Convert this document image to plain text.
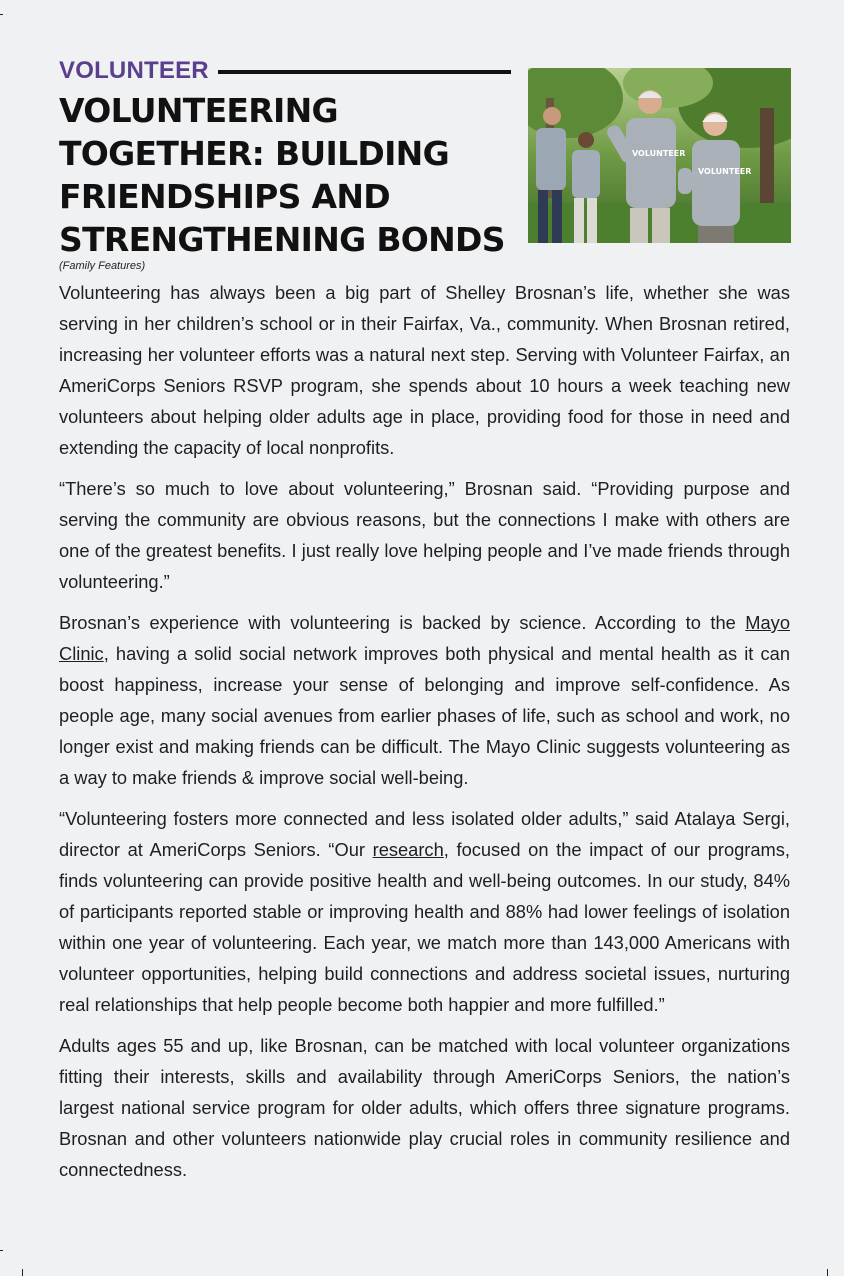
VOLUNTEER
VOLUNTEERING TOGETHER: BUILDING FRIENDSHIPS AND STRENGTHENING BONDS
VOLUNTEER
VOLUNTEER
(Family Features)

Volunteering has always been a big part of Shelley Brosnan’s life, whether she was serving in her children’s school or in their Fairfax, Va., community. When Brosnan retired, increasing her volunteer efforts was a natural next step. Serving with Volunteer Fairfax, an AmeriCorps Seniors RSVP program, she spends about 10 hours a week teaching new volunteers about helping older adults age in place, providing food for those in need and extending the capacity of local nonprofits.

“There’s so much to love about volunteering,” Brosnan said. “Providing purpose and serving the community are obvious reasons, but the connections I make with others are one of the greatest benefits. I just really love helping people and I’ve made friends through volunteering.”

Brosnan’s experience with volunteering is backed by science. According to the Mayo Clinic, having a solid social network improves both physical and mental health as it can boost happiness, increase your sense of belonging and improve self-confidence. As people age, many social avenues from earlier phases of life, such as school and work, no longer exist and making friends can be difficult. The Mayo Clinic suggests volunteering as a way to make friends & improve social well-being.

“Volunteering fosters more connected and less isolated older adults,” said Atalaya Sergi, director at AmeriCorps Seniors. “Our research, focused on the impact of our programs, finds volunteering can provide positive health and well-being outcomes. In our study, 84% of participants reported stable or improving health and 88% had lower feelings of isolation within one year of volunteering. Each year, we match more than 143,000 Americans with volunteer opportunities, helping build connections and address societal issues, nurturing real relationships that help people become both happier and more fulfilled.”

Adults ages 55 and up, like Brosnan, can be matched with local volunteer organizations fitting their interests, skills and availability through AmeriCorps Seniors, the nation’s largest national service program for older adults, which offers three signature programs. Brosnan and other volunteers nationwide play crucial roles in community resilience and connectedness.
